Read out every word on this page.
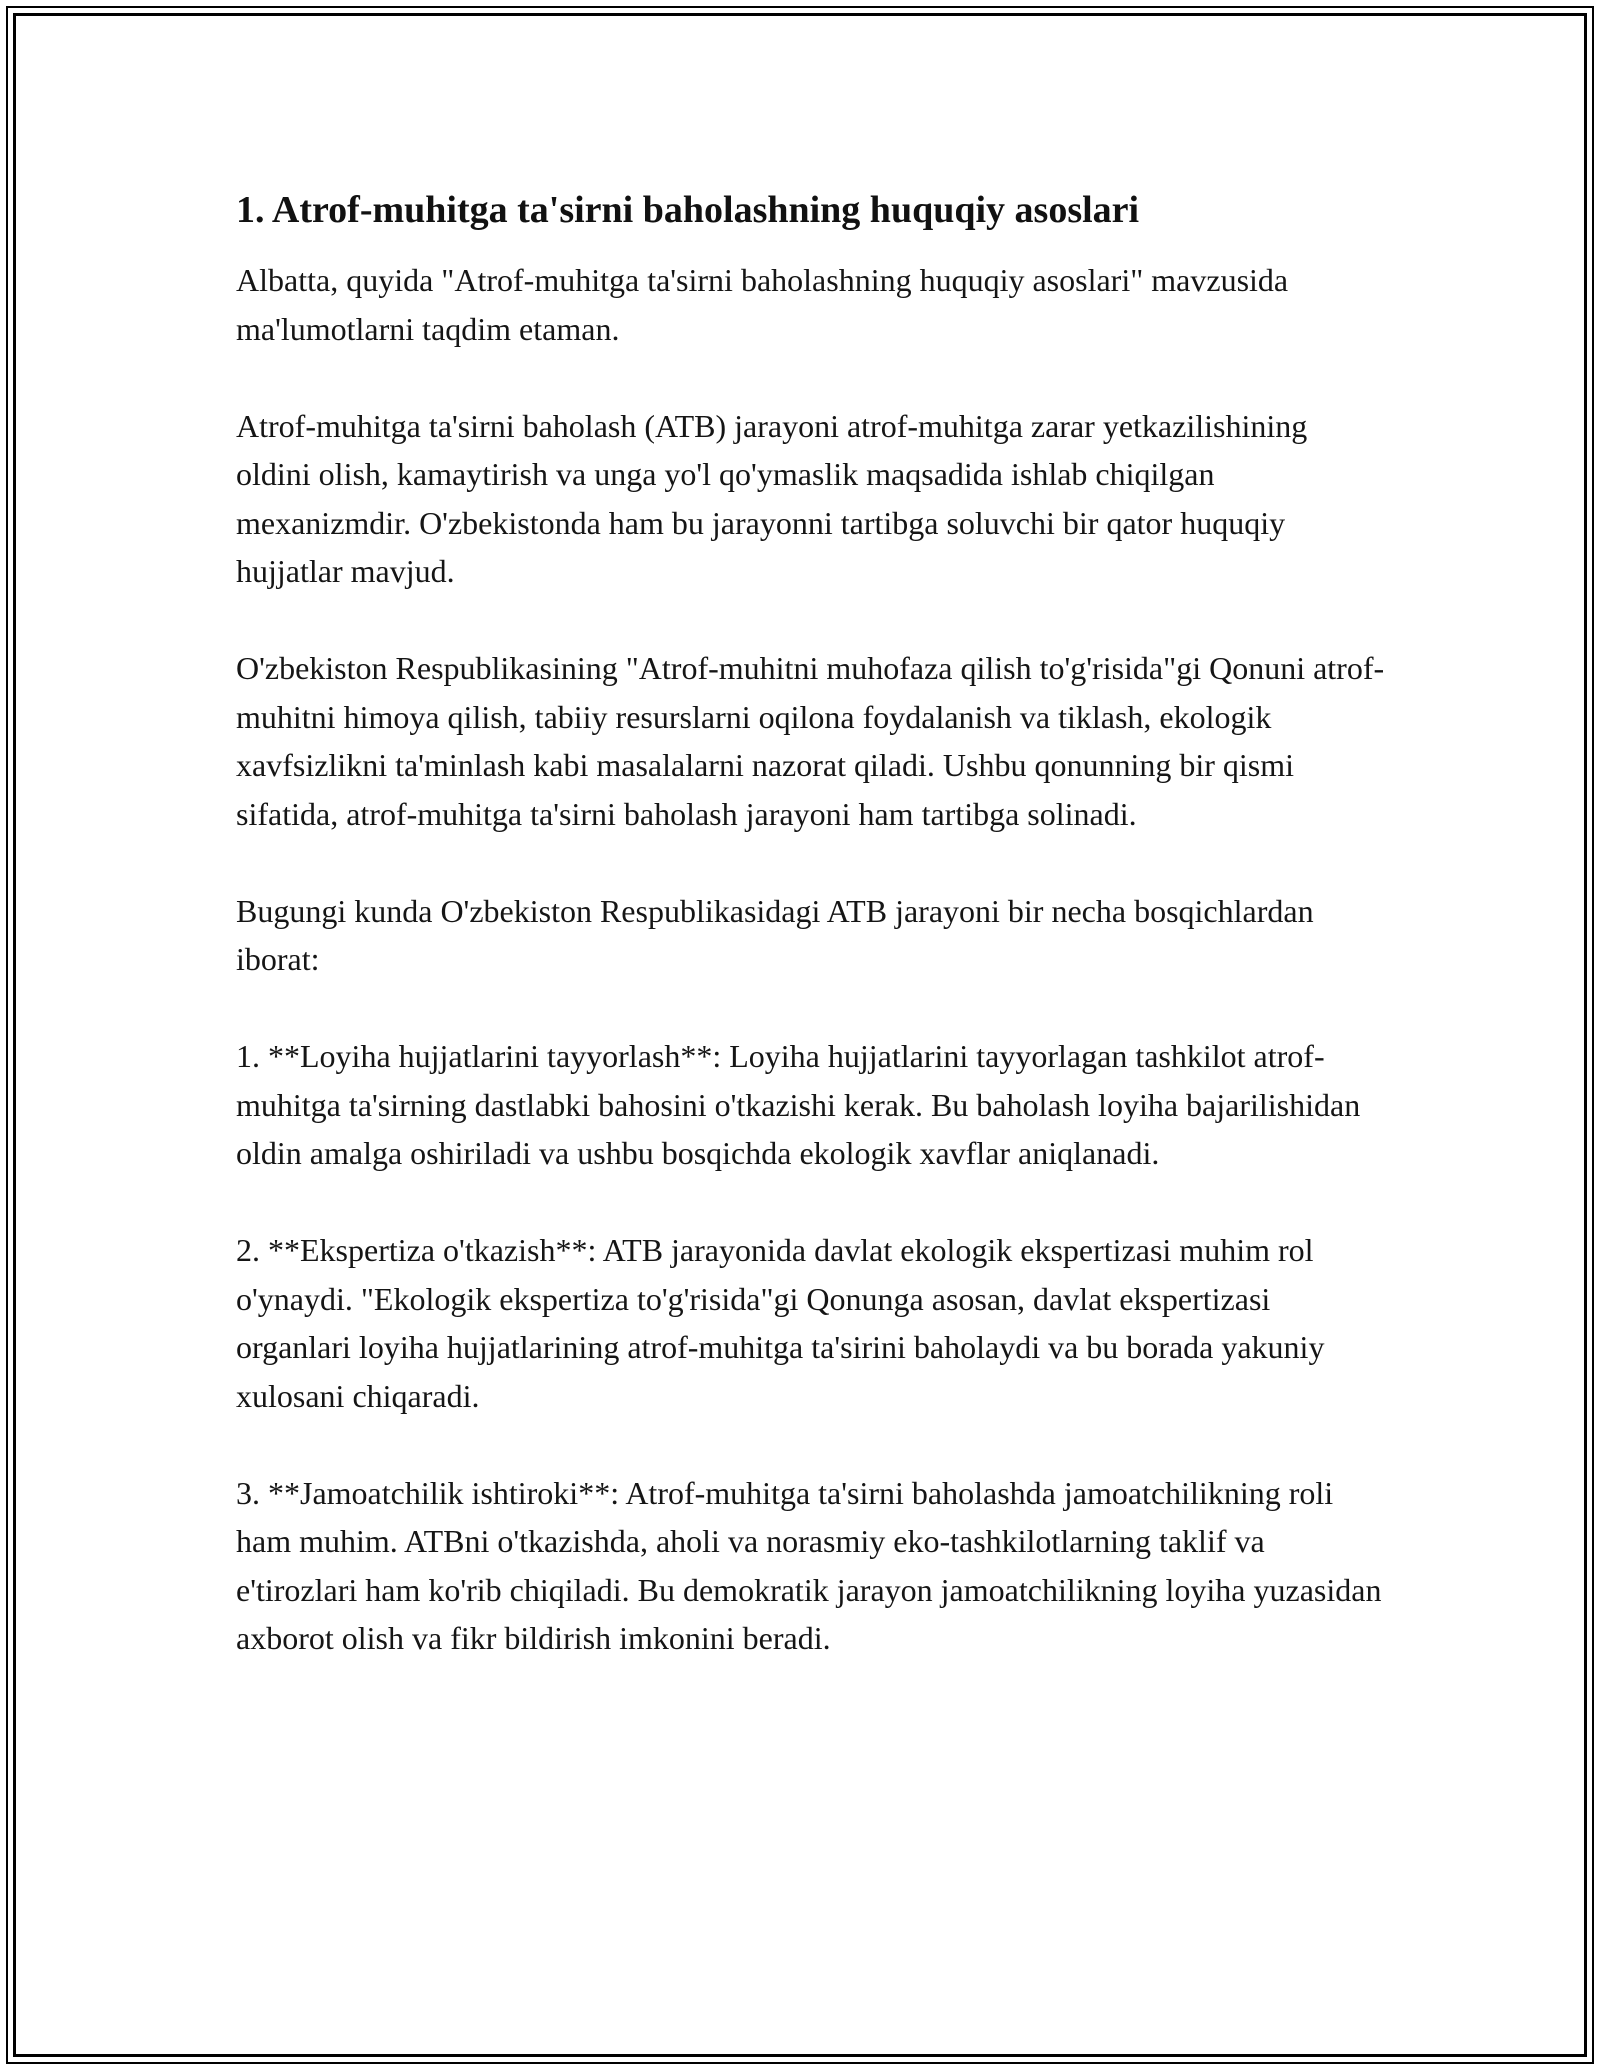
1. Atrof-muhitga ta'sirni baholashning huquqiy asoslari

Albatta, quyida "Atrof-muhitga ta'sirni baholashning huquqiy asoslari" mavzusida ma'lumotlarni taqdim etaman.

Atrof-muhitga ta'sirni baholash (ATB) jarayoni atrof-muhitga zarar yetkazilishining oldini olish, kamaytirish va unga yo'l qo'ymaslik maqsadida ishlab chiqilgan mexanizmdir. O'zbekistonda ham bu jarayonni tartibga soluvchi bir qator huquqiy hujjatlar mavjud.

O'zbekiston Respublikasining "Atrof-muhitni muhofaza qilish to'g'risida"gi Qonuni atrof-muhitni himoya qilish, tabiiy resurslarni oqilona foydalanish va tiklash, ekologik xavfsizlikni ta'minlash kabi masalalarni nazorat qiladi. Ushbu qonunning bir qismi sifatida, atrof-muhitga ta'sirni baholash jarayoni ham tartibga solinadi.

Bugungi kunda O'zbekiston Respublikasidagi ATB jarayoni bir necha bosqichlardan iborat:

1. **Loyiha hujjatlarini tayyorlash**: Loyiha hujjatlarini tayyorlagan tashkilot atrof-muhitga ta'sirning dastlabki bahosini o'tkazishi kerak. Bu baholash loyiha bajarilishidan oldin amalga oshiriladi va ushbu bosqichda ekologik xavflar aniqlanadi.

2. **Ekspertiza o'tkazish**: ATB jarayonida davlat ekologik ekspertizasi muhim rol o'ynaydi. "Ekologik ekspertiza to'g'risida"gi Qonunga asosan, davlat ekspertizasi organlari loyiha hujjatlarining atrof-muhitga ta'sirini baholaydi va bu borada yakuniy xulosani chiqaradi.

3. **Jamoatchilik ishtiroki**: Atrof-muhitga ta'sirni baholashda jamoatchilikning roli ham muhim. ATBni o'tkazishda, aholi va norasmiy eko-tashkilotlarning taklif va e'tirozlari ham ko'rib chiqiladi. Bu demokratik jarayon jamoatchilikning loyiha yuzasidan axborot olish va fikr bildirish imkonini beradi.
